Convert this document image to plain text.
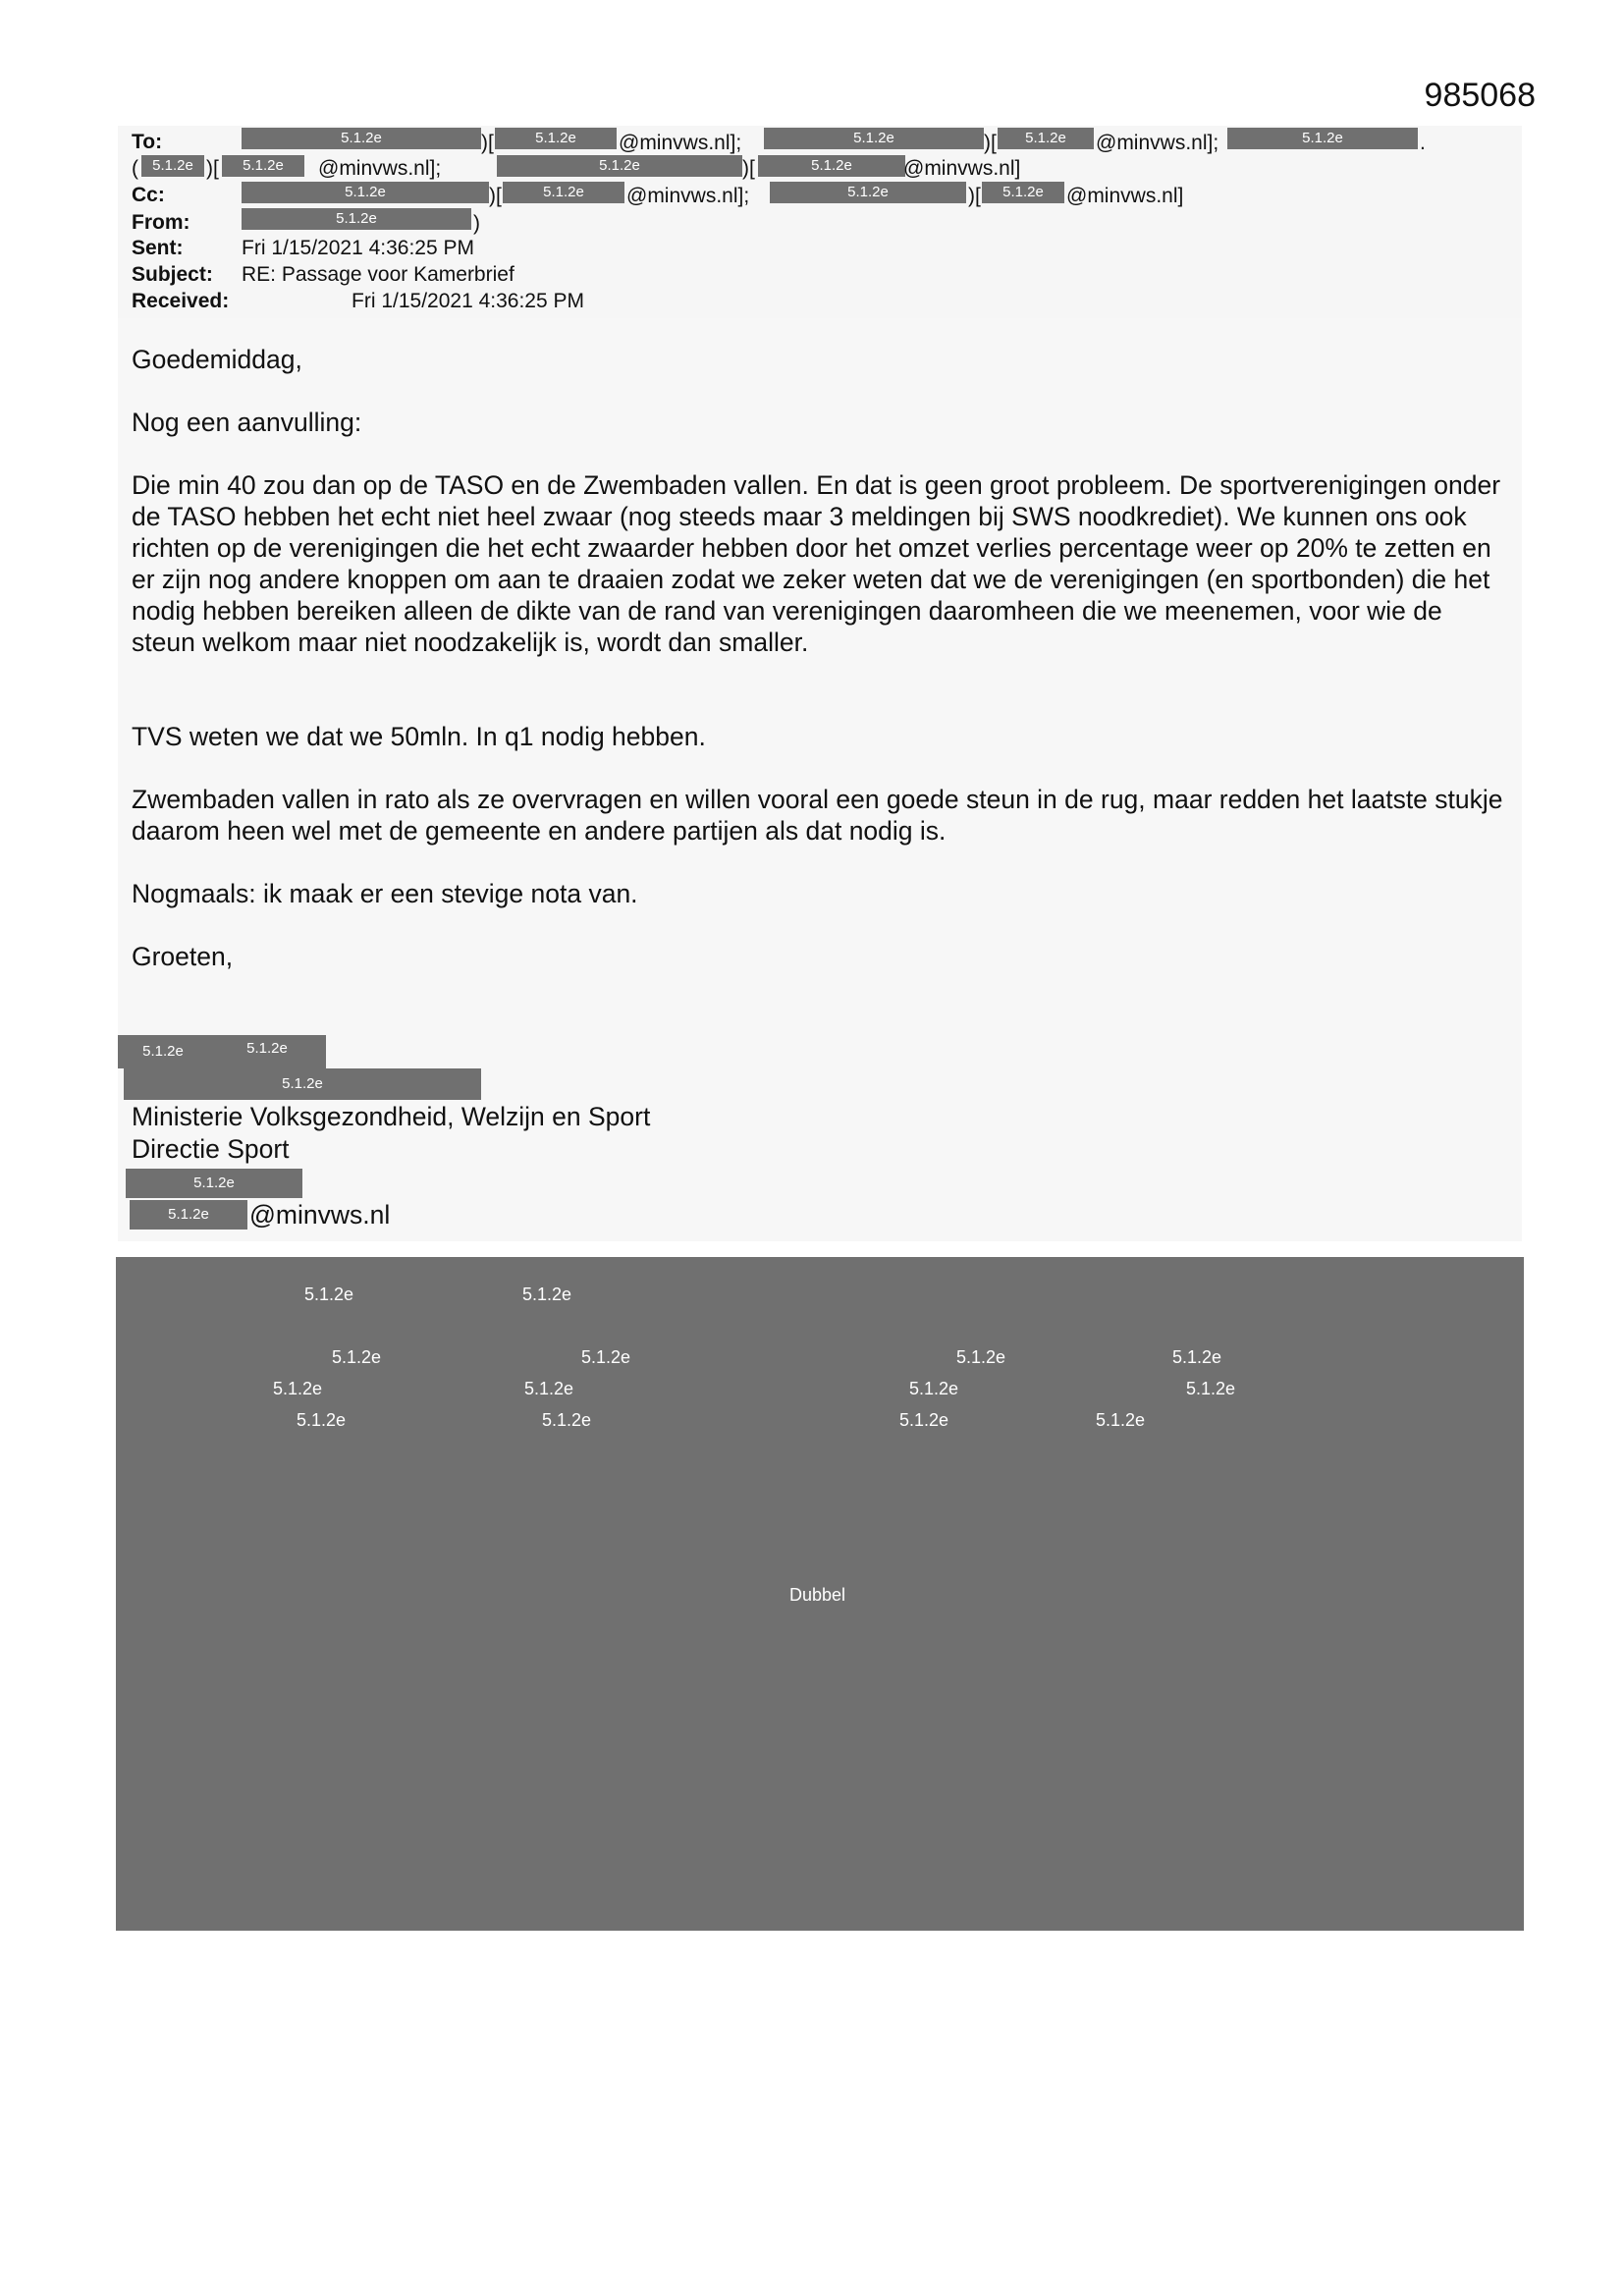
985068
To:	5.1.2e	)[	5.1.2e	@minvws.nl];	5.1.2e	)[	5.1.2e	@minvws.nl];	5.1.2e	.
( 5.1.2e )[	5.1.2e	@minvws.nl];	5.1.2e	)[	5.1.2e	@minvws.nl]
Cc:	5.1.2e	)[	5.1.2e	@minvws.nl];	5.1.2e	)[	5.1.2e	@minvws.nl]
From:	5.1.2e	)
Sent:	Fri 1/15/2021 4:36:25 PM
Subject: RE: Passage voor Kamerbrief
Received:	Fri 1/15/2021 4:36:25 PM
Goedemiddag,
Nog een aanvulling:
Die min 40 zou dan op de TASO en de Zwembaden vallen. En dat is geen groot probleem. De sportverenigingen onder de TASO hebben het echt niet heel zwaar (nog steeds maar 3 meldingen bij SWS noodkrediet). We kunnen ons ook richten op de verenigingen die het echt zwaarder hebben door het omzet verlies percentage weer op 20% te zetten en er zijn nog andere knoppen om aan te draaien zodat we zeker weten dat we de verenigingen (en sportbonden) die het nodig hebben bereiken alleen de dikte van de rand van verenigingen daaromheen die we meenemen, voor wie de steun welkom maar niet noodzakelijk is, wordt dan smaller.
TVS weten we dat we 50mln. In q1 nodig hebben.
Zwembaden vallen in rato als ze overvragen en willen vooral een goede steun in de rug, maar redden het laatste stukje daarom heen wel met de gemeente en andere partijen als dat nodig is.
Nogmaals: ik maak er een stevige nota van.
Groeten,
5.1.2e	5.1.2e
5.1.2e
Ministerie Volksgezondheid, Welzijn en Sport
Directie Sport
5.1.2e
5.1.2e	@minvws.nl
5.1.2e	5.1.2e
5.1.2e	5.1.2e	5.1.2e	5.1.2e
5.1.2e	5.1.2e	5.1.2e	5.1.2e
5.1.2e	5.1.2e	5.1.2e	5.1.2e
Dubbel
